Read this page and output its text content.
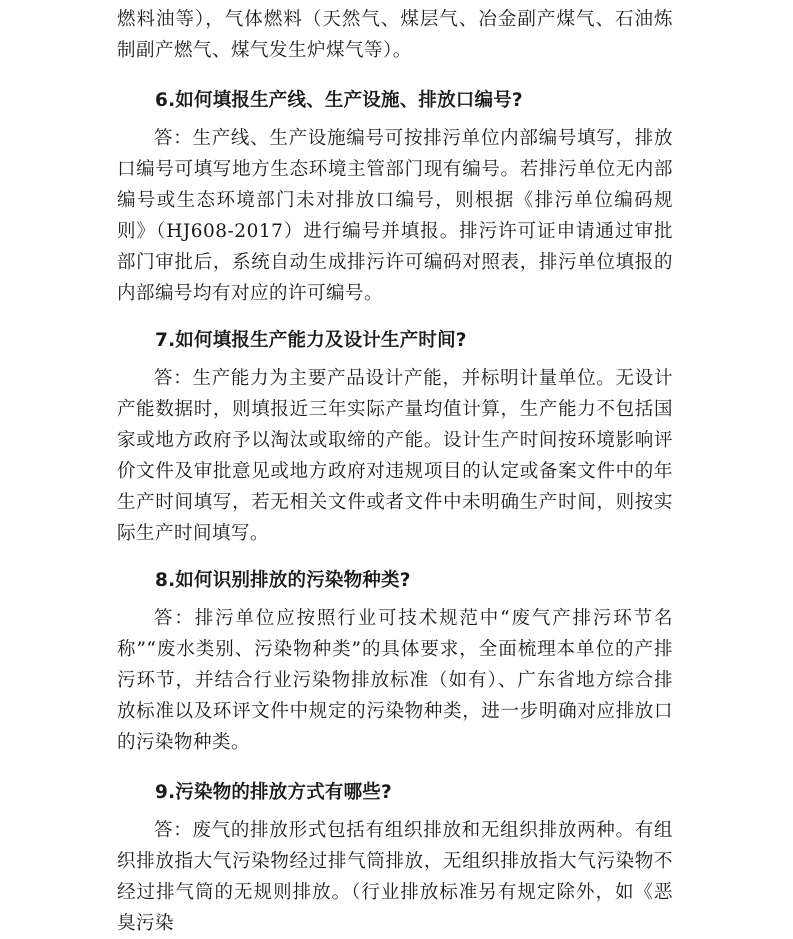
燃料油等），气体燃料（天然气、煤层气、冶金副产煤气、石油炼制副产燃气、煤气发生炉煤气等）。

6.如何填报生产线、生产设施、排放口编号?

答：生产线、生产设施编号可按排污单位内部编号填写，排放口编号可填写地方生态环境主管部门现有编号。若排污单位无内部编号或生态环境部门未对排放口编号，则根据《排污单位编码规则》（HJ608-2017）进行编号并填报。排污许可证申请通过审批部门审批后，系统自动生成排污许可编码对照表，排污单位填报的内部编号均有对应的许可编号。

7.如何填报生产能力及设计生产时间?

答：生产能力为主要产品设计产能，并标明计量单位。无设计产能数据时，则填报近三年实际产量均值计算，生产能力不包括国家或地方政府予以淘汰或取缔的产能。设计生产时间按环境影响评价文件及审批意见或地方政府对违规项目的认定或备案文件中的年生产时间填写，若无相关文件或者文件中未明确生产时间，则按实际生产时间填写。

8.如何识别排放的污染物种类?

答：排污单位应按照行业可技术规范中“废气产排污环节名称”“废水类别、污染物种类”的具体要求，全面梳理本单位的产排污环节，并结合行业污染物排放标准（如有）、广东省地方综合排放标准以及环评文件中规定的污染物种类，进一步明确对应排放口的污染物种类。

9.污染物的排放方式有哪些?

答：废气的排放形式包括有组织排放和无组织排放两种。有组织排放指大气污染物经过排气筒排放，无组织排放指大气污染物不经过排气筒的无规则排放。（行业排放标准另有规定除外，如《恶臭污染
